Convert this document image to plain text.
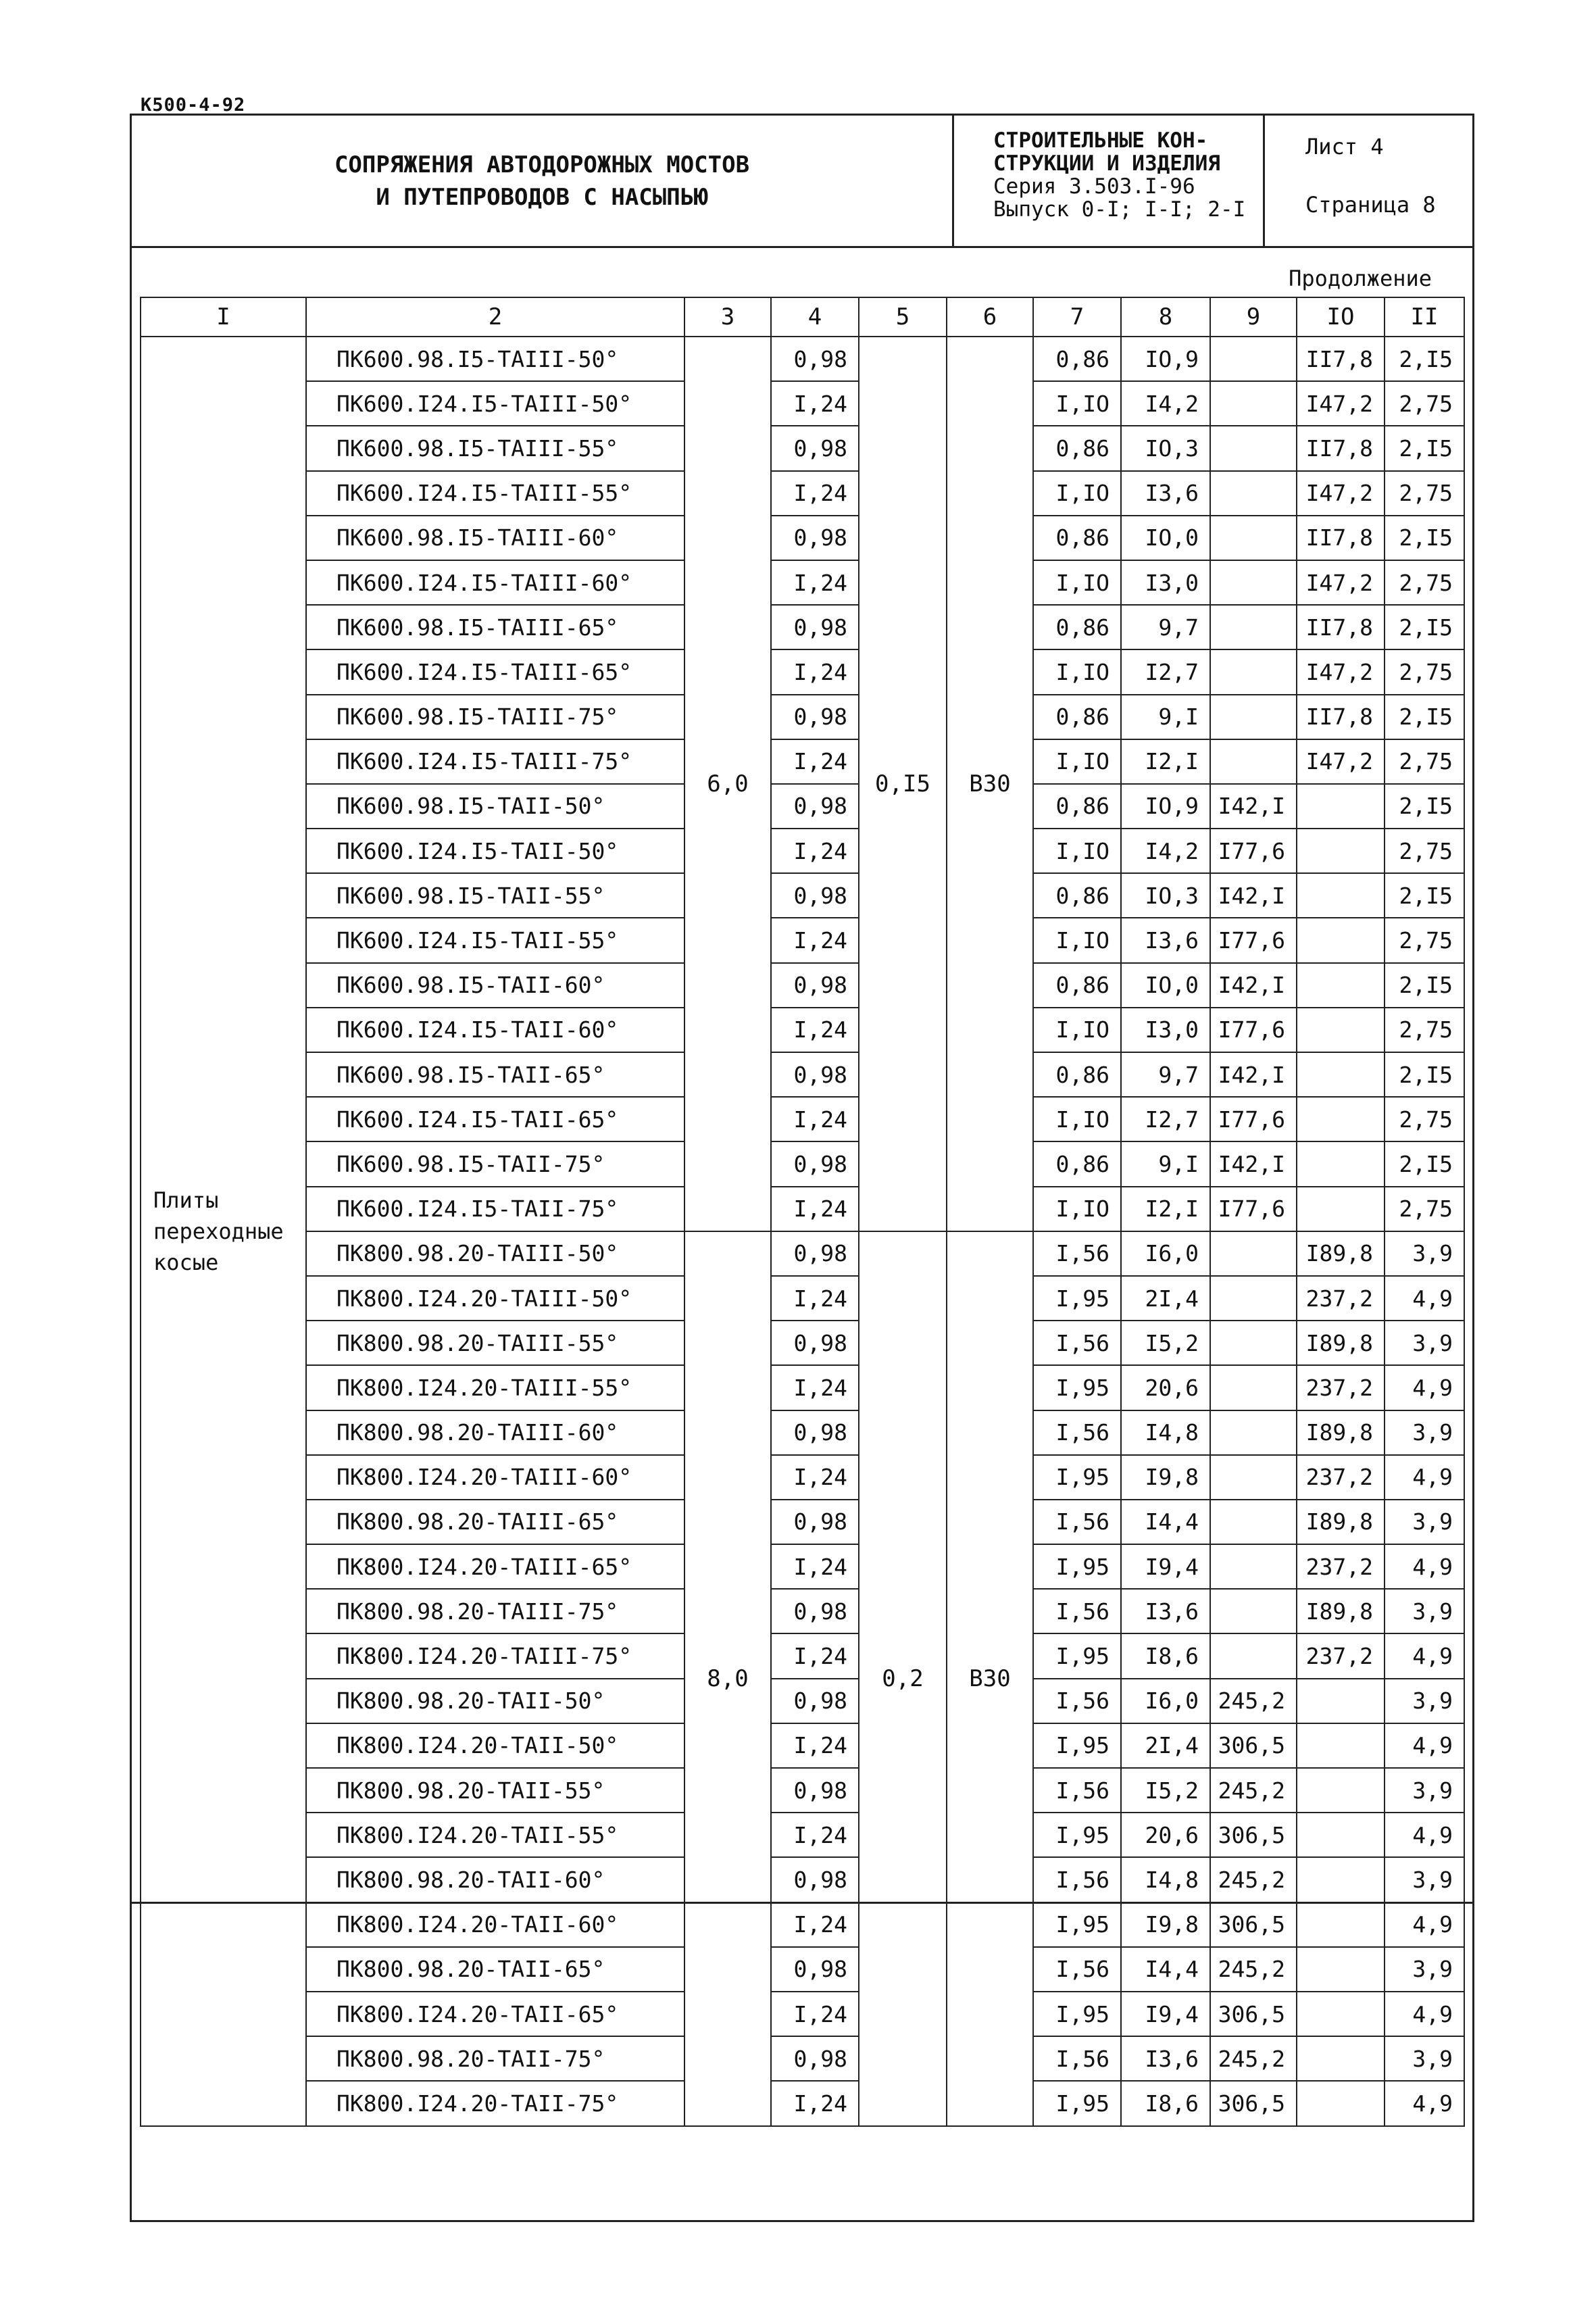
K500-4-92
СОПРЯЖЕНИЯ АВТОДОРОЖНЫХ МОСТОВ
И ПУТЕПРОВОДОВ С НАСЫПЬЮ
СТРОИТЕЛЬНЫЕ КОН-
СТРУКЦИИ И ИЗДЕЛИЯ
Серия 3.503.I-96
Выпуск 0-I; I-I; 2-I
Лист 4
Страница 8
Продолжение
I	2	3	4	5	6	7	8	9	IO	II

Плиты
переходные
косые	ПК600.98.I5-ТАIII-50°	6,0	0,98	0,I5	B30	0,86	IO,9		II7,8	2,I5
	ПК600.I24.I5-ТАIII-50°		I,24			I,IO	I4,2		I47,2	2,75
	ПК600.98.I5-ТАIII-55°		0,98			0,86	IO,3		II7,8	2,I5
	ПК600.I24.I5-ТАIII-55°		I,24			I,IO	I3,6		I47,2	2,75
	ПК600.98.I5-ТАIII-60°		0,98			0,86	IO,0		II7,8	2,I5
	ПК600.I24.I5-ТАIII-60°		I,24			I,IO	I3,0		I47,2	2,75
	ПК600.98.I5-ТАIII-65°		0,98			0,86	9,7		II7,8	2,I5
	ПК600.I24.I5-ТАIII-65°		I,24			I,IO	I2,7		I47,2	2,75
	ПК600.98.I5-ТАIII-75°		0,98			0,86	9,I		II7,8	2,I5
	ПК600.I24.I5-ТАIII-75°		I,24			I,IO	I2,I		I47,2	2,75
	ПК600.98.I5-ТАII-50°		0,98			0,86	IO,9	I42,I		2,I5
	ПК600.I24.I5-ТАII-50°		I,24			I,IO	I4,2	I77,6		2,75
	ПК600.98.I5-ТАII-55°		0,98			0,86	IO,3	I42,I		2,I5
	ПК600.I24.I5-ТАII-55°		I,24			I,IO	I3,6	I77,6		2,75
	ПК600.98.I5-ТАII-60°		0,98			0,86	IO,0	I42,I		2,I5
	ПК600.I24.I5-ТАII-60°		I,24			I,IO	I3,0	I77,6		2,75
	ПК600.98.I5-ТАII-65°		0,98			0,86	9,7	I42,I		2,I5
	ПК600.I24.I5-ТАII-65°		I,24			I,IO	I2,7	I77,6		2,75
	ПК600.98.I5-ТАII-75°		0,98			0,86	9,I	I42,I		2,I5
	ПК600.I24.I5-ТАII-75°		I,24			I,IO	I2,I	I77,6		2,75
	ПК800.98.20-ТАIII-50°	8,0	0,98	0,2	B30	I,56	I6,0		I89,8	3,9
	ПК800.I24.20-ТАIII-50°		I,24			I,95	2I,4		237,2	4,9
	ПК800.98.20-ТАIII-55°		0,98			I,56	I5,2		I89,8	3,9
	ПК800.I24.20-ТАIII-55°		I,24			I,95	20,6		237,2	4,9
	ПК800.98.20-ТАIII-60°		0,98			I,56	I4,8		I89,8	3,9
	ПК800.I24.20-ТАIII-60°		I,24			I,95	I9,8		237,2	4,9
	ПК800.98.20-ТАIII-65°		0,98			I,56	I4,4		I89,8	3,9
	ПК800.I24.20-ТАIII-65°		I,24			I,95	I9,4		237,2	4,9
	ПК800.98.20-ТАIII-75°		0,98			I,56	I3,6		I89,8	3,9
	ПК800.I24.20-ТАIII-75°		I,24			I,95	I8,6		237,2	4,9
	ПК800.98.20-ТАII-50°		0,98			I,56	I6,0	245,2		3,9
	ПК800.I24.20-ТАII-50°		I,24			I,95	2I,4	306,5		4,9
	ПК800.98.20-ТАII-55°		0,98			I,56	I5,2	245,2		3,9
	ПК800.I24.20-ТАII-55°		I,24			I,95	20,6	306,5		4,9
	ПК800.98.20-ТАII-60°		0,98			I,56	I4,8	245,2		3,9
	ПК800.I24.20-ТАII-60°		I,24			I,95	I9,8	306,5		4,9
	ПК800.98.20-ТАII-65°		0,98			I,56	I4,4	245,2		3,9
	ПК800.I24.20-ТАII-65°		I,24			I,95	I9,4	306,5		4,9
	ПК800.98.20-ТАII-75°		0,98			I,56	I3,6	245,2		3,9
	ПК800.I24.20-ТАII-75°		I,24			I,95	I8,6	306,5		4,9
